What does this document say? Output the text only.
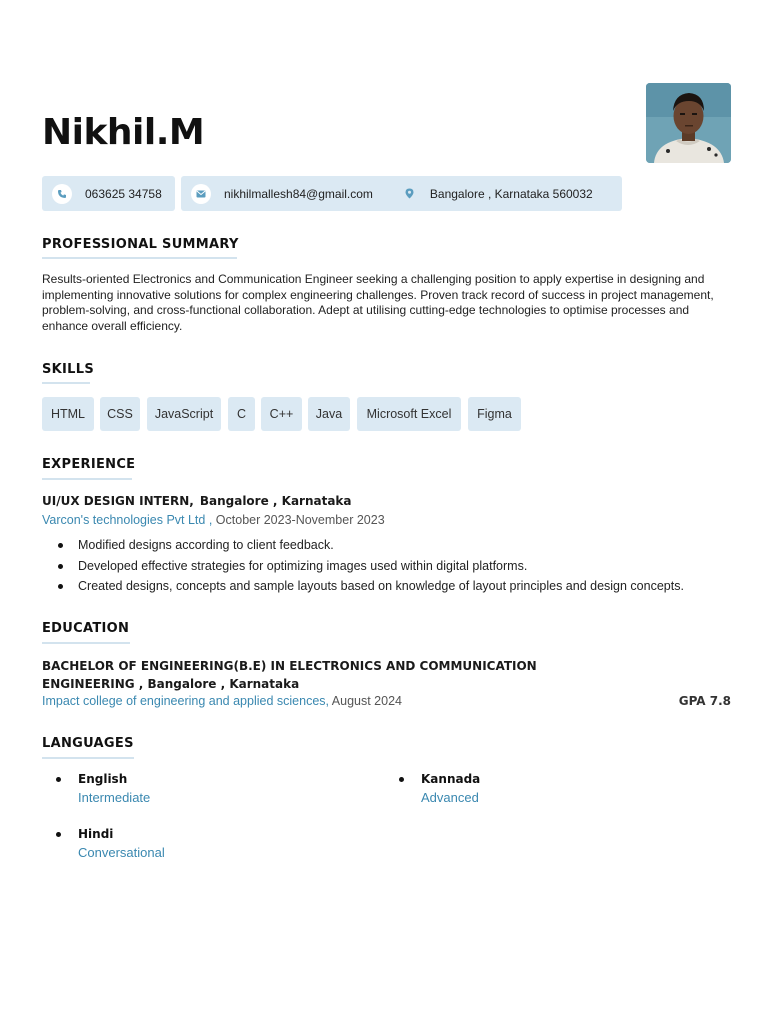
Nikhil.M
063625 34758	nikhilmallesh84@gmail.com	Bangalore , Karnataka 560032
PROFESSIONAL SUMMARY
Results-oriented Electronics and Communication Engineer seeking a challenging position to apply expertise in designing and implementing innovative solutions for complex engineering challenges. Proven track record of success in project management, problem-solving, and cross-functional collaboration. Adept at utilising cutting-edge technologies to optimise processes and enhance overall efficiency.
SKILLS
HTML	CSS	JavaScript	C	C++	Java	Microsoft Excel	Figma
EXPERIENCE
UI/UX DESIGN INTERN, Bangalore , Karnataka
Varcon's technologies Pvt Ltd , October 2023-November 2023
Modified designs according to client feedback.
Developed effective strategies for optimizing images used within digital platforms.
Created designs, concepts and sample layouts based on knowledge of layout principles and design concepts.
EDUCATION
BACHELOR OF ENGINEERING(B.E) IN ELECTRONICS AND COMMUNICATION
ENGINEERING , Bangalore , Karnataka
Impact college of engineering and applied sciences, August 2024	GPA 7.8
LANGUAGES
English
Intermediate
Kannada
Advanced
Hindi
Conversational
